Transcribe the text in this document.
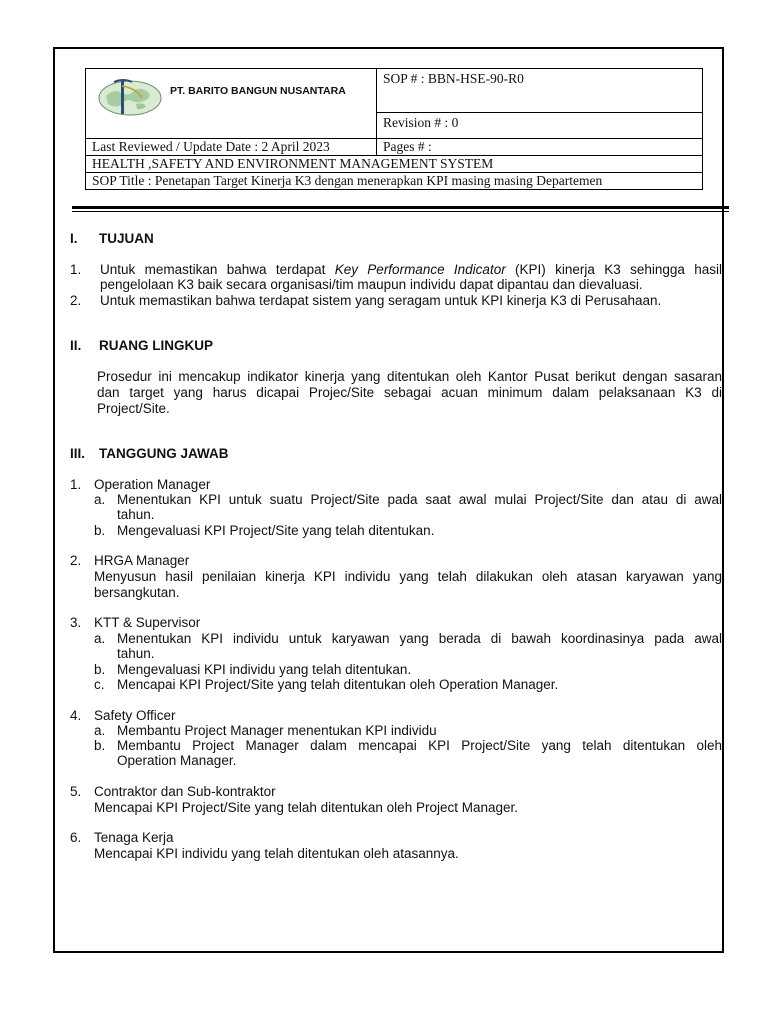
PT. BARITO BANGUN NUSANTARA	SOP # : BBN-HSE-90-R0
	Revision # : 0
Last Reviewed / Update Date : 2 April 2023	Pages # :
HEALTH ,SAFETY AND ENVIRONMENT MANAGEMENT SYSTEM	
SOP Title : Penetapan Target Kinerja K3 dengan menerapkan KPI masing masing Departemen	
I. TUJUAN
1. Untuk memastikan bahwa terdapat Key Performance Indicator (KPI) kinerja K3 sehingga hasil
pengelolaan K3 baik secara organisasi/tim maupun individu dapat dipantau dan dievaluasi.
2. Untuk memastikan bahwa terdapat sistem yang seragam untuk KPI kinerja K3 di Perusahaan.
II. RUANG LINGKUP
Prosedur ini mencakup indikator kinerja yang ditentukan oleh Kantor Pusat berikut dengan sasaran
dan target yang harus dicapai Projec/Site sebagai acuan minimum dalam pelaksanaan K3 di
Project/Site.
III. TANGGUNG JAWAB
1. Operation Manager
a. Menentukan KPI untuk suatu Project/Site pada saat awal mulai Project/Site dan atau di awal
tahun.
b. Mengevaluasi KPI Project/Site yang telah ditentukan.
2. HRGA Manager
Menyusun hasil penilaian kinerja KPI individu yang telah dilakukan oleh atasan karyawan yang
bersangkutan.
3. KTT & Supervisor
a. Menentukan KPI individu untuk karyawan yang berada di bawah koordinasinya pada awal
tahun.
b. Mengevaluasi KPI individu yang telah ditentukan.
c. Mencapai KPI Project/Site yang telah ditentukan oleh Operation Manager.
4. Safety Officer
a. Membantu Project Manager menentukan KPI individu
b. Membantu Project Manager dalam mencapai KPI Project/Site yang telah ditentukan oleh
Operation Manager.
5. Contraktor dan Sub-kontraktor
Mencapai KPI Project/Site yang telah ditentukan oleh Project Manager.
6. Tenaga Kerja
Mencapai KPI individu yang telah ditentukan oleh atasannya.
